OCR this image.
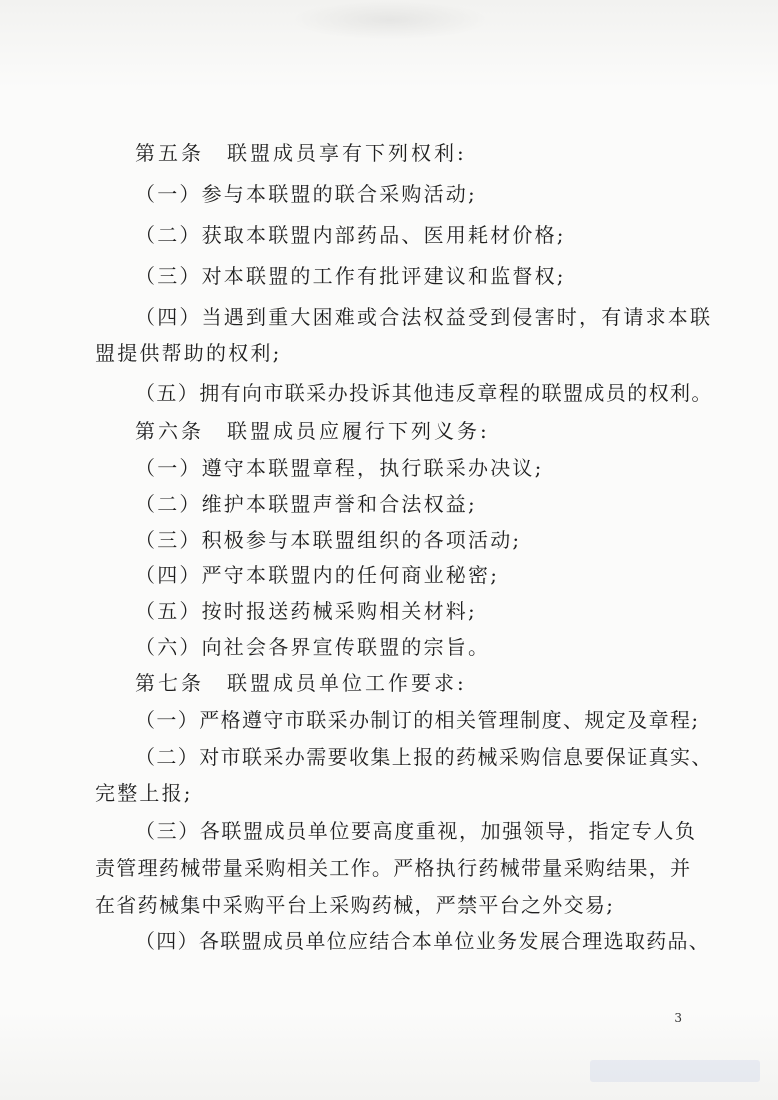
第五条　联盟成员享有下列权利:
（一）参与本联盟的联合采购活动;
（二）获取本联盟内部药品、医用耗材价格;
（三）对本联盟的工作有批评建议和监督权;
（四）当遇到重大困难或合法权益受到侵害时，有请求本联
盟提供帮助的权利;
（五）拥有向市联采办投诉其他违反章程的联盟成员的权利。
第六条　联盟成员应履行下列义务:
（一）遵守本联盟章程，执行联采办决议;
（二）维护本联盟声誉和合法权益;
（三）积极参与本联盟组织的各项活动;
（四）严守本联盟内的任何商业秘密;
（五）按时报送药械采购相关材料;
（六）向社会各界宣传联盟的宗旨。
第七条　联盟成员单位工作要求:
（一）严格遵守市联采办制订的相关管理制度、规定及章程;
（二）对市联采办需要收集上报的药械采购信息要保证真实、
完整上报;
（三）各联盟成员单位要高度重视，加强领导，指定专人负
责管理药械带量采购相关工作。严格执行药械带量采购结果，并
在省药械集中采购平台上采购药械，严禁平台之外交易;
（四）各联盟成员单位应结合本单位业务发展合理选取药品、
3
